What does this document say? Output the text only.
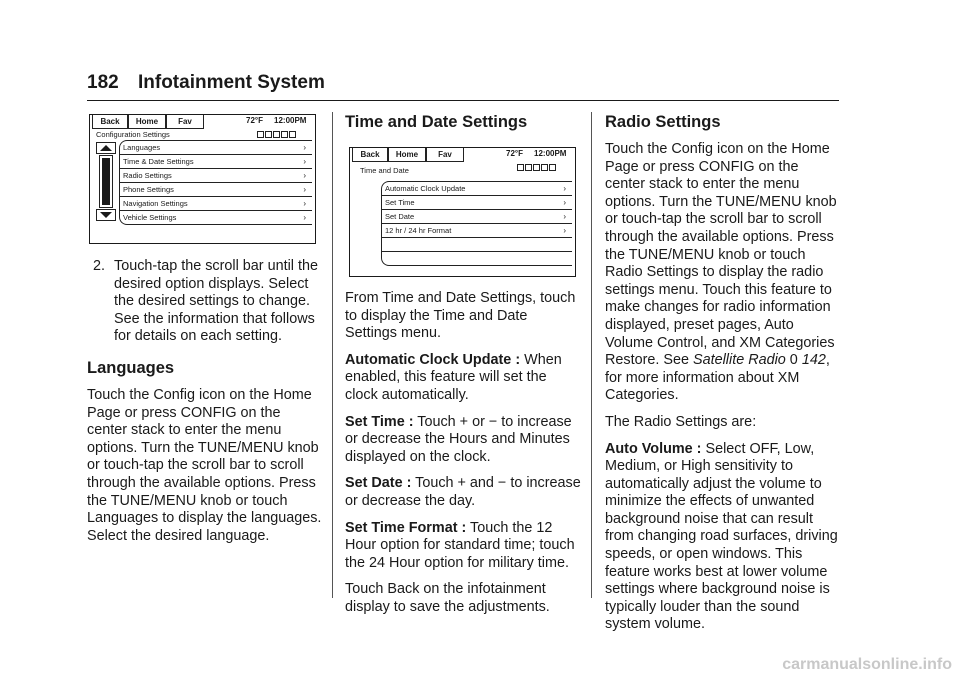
182 Infotainment System
Back	Home	Fav	72°F 12:00PM
Configuration Settings
Languages	›
Time & Date Settings	›
Radio Settings	›
Phone Settings	›
Navigation Settings	›
Vehicle Settings	›
2. Touch-tap the scroll bar until the desired option displays. Select the desired settings to change. See the information that follows for details on each setting.
Languages

Touch the Config icon on the Home Page or press CONFIG on the center stack to enter the menu options. Turn the TUNE/MENU knob or touch-tap the scroll bar to scroll through the available options. Press the TUNE/MENU knob or touch Languages to display the languages. Select the desired language.

Time and Date Settings
Back	Home	Fav	72°F 12:00PM
Time and Date
Automatic Clock Update	›
Set Time	›
Set Date	›
12 hr / 24 hr Format	›

From Time and Date Settings, touch to display the Time and Date Settings menu.

Automatic Clock Update : When enabled, this feature will set the clock automatically.

Set Time : Touch + or − to increase or decrease the Hours and Minutes displayed on the clock.

Set Date : Touch + and − to increase or decrease the day.

Set Time Format : Touch the 12 Hour option for standard time; touch the 24 Hour option for military time.

Touch Back on the infotainment display to save the adjustments.

Radio Settings

Touch the Config icon on the Home Page or press CONFIG on the center stack to enter the menu options. Turn the TUNE/MENU knob or touch-tap the scroll bar to scroll through the available options. Press the TUNE/MENU knob or touch Radio Settings to display the radio settings menu. Touch this feature to make changes for radio information displayed, preset pages, Auto Volume Control, and XM Categories Restore. See Satellite Radio 0 142, for more information about XM Categories.

The Radio Settings are:

Auto Volume : Select OFF, Low, Medium, or High sensitivity to automatically adjust the volume to minimize the effects of unwanted background noise that can result from changing road surfaces, driving speeds, or open windows. This feature works best at lower volume settings where background noise is typically louder than the sound system volume.

carmanualsonline.info
